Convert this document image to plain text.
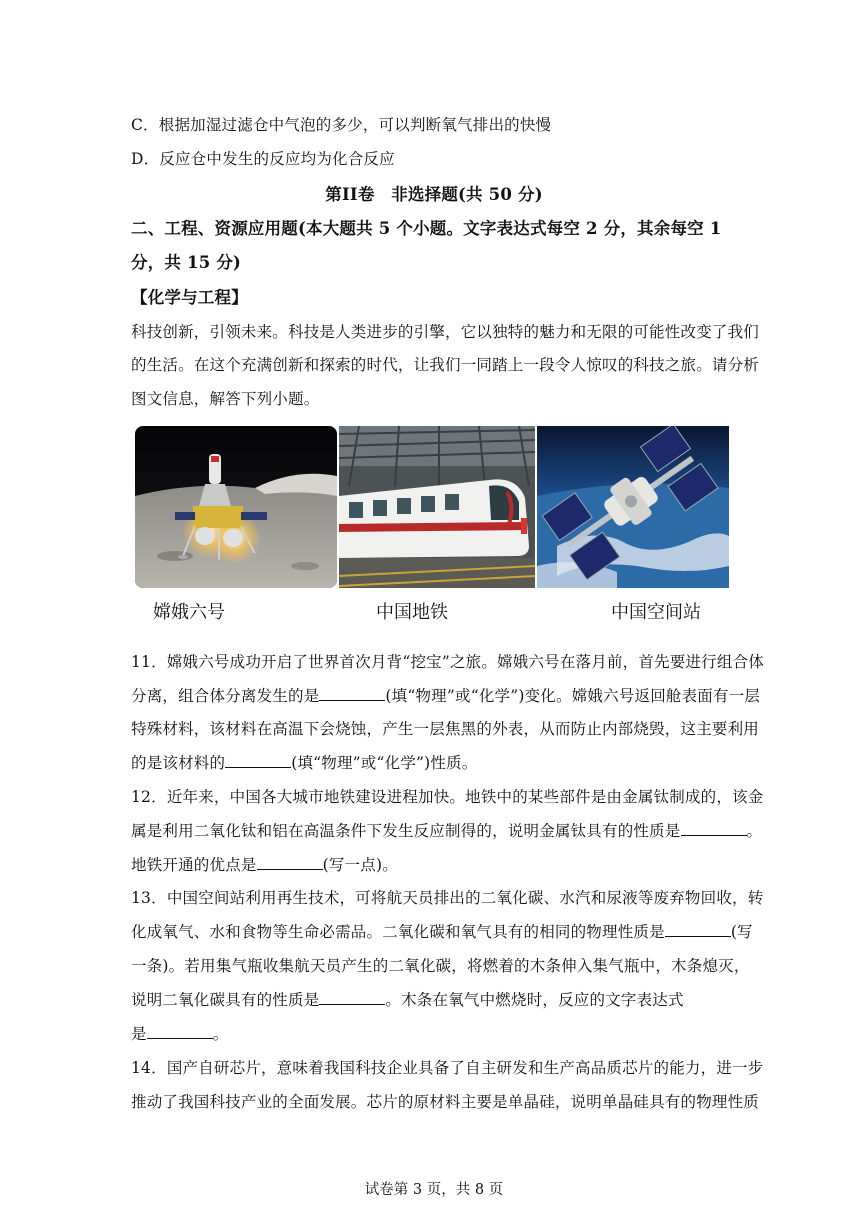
C．根据加湿过滤仓中气泡的多少，可以判断氧气排出的快慢
D．反应仓中发生的反应均为化合反应
第II卷　非选择题(共 50 分)
二、工程、资源应用题(本大题共 5 个小题。文字表达式每空 2 分，其余每空 1
分，共 15 分)
【化学与工程】
科技创新，引领未来。科技是人类进步的引擎，它以独特的魅力和无限的可能性改变了我们
的生活。在这个充满创新和探索的时代，让我们一同踏上一段令人惊叹的科技之旅。请分析
图文信息，解答下列小题。
嫦娥六号	中国地铁	中国空间站
11．嫦娥六号成功开启了世界首次月背“挖宝”之旅。嫦娥六号在落月前，首先要进行组合体
分离，组合体分离发生的是	(填“物理”或“化学”)变化。嫦娥六号返回舱表面有一层
特殊材料，该材料在高温下会烧蚀，产生一层焦黑的外表，从而防止内部烧毁，这主要利用
的是该材料的	(填“物理”或“化学”)性质。
12．近年来，中国各大城市地铁建设进程加快。地铁中的某些部件是由金属钛制成的，该金
属是利用二氧化钛和铝在高温条件下发生反应制得的，说明金属钛具有的性质是	。
地铁开通的优点是	(写一点)。
13．中国空间站利用再生技术，可将航天员排出的二氧化碳、水汽和尿液等废弃物回收，转
化成氧气、水和食物等生命必需品。二氧化碳和氧气具有的相同的物理性质是	(写
一条)。若用集气瓶收集航天员产生的二氧化碳，将燃着的木条伸入集气瓶中，木条熄灭，
说明二氧化碳具有的性质是	。木条在氧气中燃烧时，反应的文字表达式
是	。
14．国产自研芯片，意味着我国科技企业具备了自主研发和生产高品质芯片的能力，进一步
推动了我国科技产业的全面发展。芯片的原材料主要是单晶硅，说明单晶硅具有的物理性质
试卷第 3 页，共 8 页
